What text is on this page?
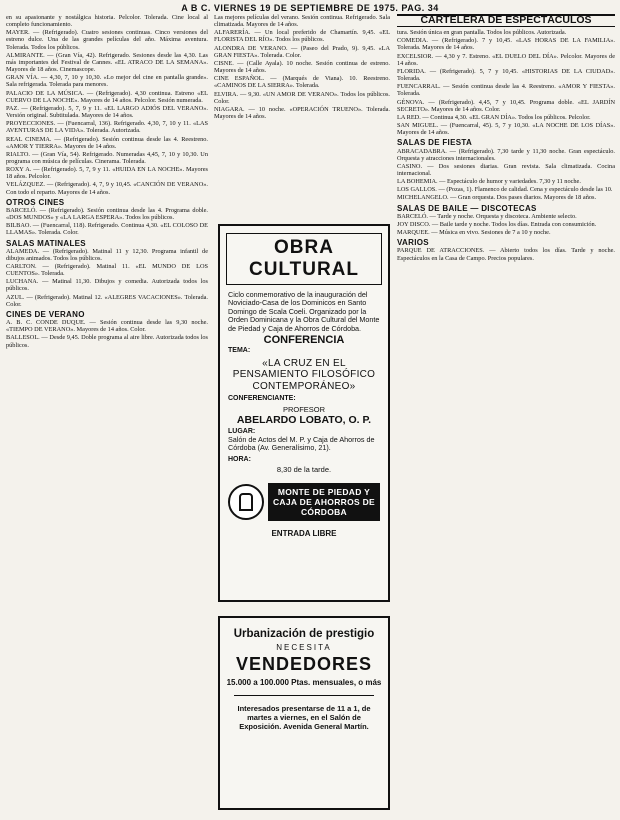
A B C. VIERNES 19 DE SEPTIEMBRE DE 1975. PAG. 34
en su apasionante y nostálgica historia. Pelcolor. Tolerada. Cine local al completo funcionamiento.
MAYER. — (Refrigerado). Cuatro sesiones continuas. Cinco versiones del estreno dulce. Una de las grandes películas del año. Máxima aventura. Tolerada. Todos los públicos.
ALMIRANTE. — (Gran Vía, 42). Refrigerado. Sesiones desde las 4,30. Las más importantes del Festival de Cannes. «EL ATRACO DE LA SEMANA». Mayores de 18 años. Cinemascope.
GRAN VÍA. — 4,30, 7, 10 y 10,30. «Lo mejor del cine en pantalla grande». Sala refrigerada. Tolerada para menores.
PALACIO DE LA MÚSICA. — (Refrigerado). 4,30 continua. Estreno «EL CUERVO DE LA NOCHE». Mayores de 14 años. Pelcolor. Sesión numerada.
PAZ. — (Refrigerado). 5, 7, 9 y 11. «EL LARGO ADIÓS DEL VERANO». Versión original. Subtitulada. Mayores de 14 años.
PROYECCIONES. — (Fuencarral, 136). Refrigerado. 4,30, 7, 10 y 11. «LAS AVENTURAS DE LA VIDA». Tolerada. Autorizada.
REAL CINEMA. — (Refrigerado). Sesión continua desde las 4. Reestreno. «AMOR Y TIERRA». Mayores de 14 años.
RIALTO. — (Gran Vía, 54). Refrigerado. Numeradas 4,45, 7, 10 y 10,30. Un programa con música de películas. Cinerama. Tolerada.
ROXY A. — (Refrigerado). 5, 7, 9 y 11. «HUIDA EN LA NOCHE». Mayores 18 años. Pelcolor.
VELÁZQUEZ. — (Refrigerado). 4, 7, 9 y 10,45. «CANCIÓN DE VERANO». Con todo el reparto. Mayores de 14 años.
OTROS CINES
BARCELÓ. — (Refrigerado). Sesión continua desde las 4. Programa doble. «DOS MUNDOS» y «LA LARGA ESPERA». Todos los públicos.
BILBAO. — (Fuencarral, 118). Refrigerado. Continua 4,30. «EL COLOSO DE LLAMAS». Tolerada. Color.
SALAS MATINALES
ALAMEDA. — (Refrigerado). Matinal 11 y 12,30. Programa infantil de dibujos animados. Todos los públicos.
CARLTON. — (Refrigerado). Matinal 11. «EL MUNDO DE LOS CUENTOS». Tolerada.
LUCHANA. — Matinal 11,30. Dibujos y comedia. Autorizada todos los públicos.
AZUL. — (Refrigerado). Matinal 12. «ALEGRES VACACIONES». Tolerada. Color.
CINES DE VERANO
A. B. C. CONDE DUQUE. — Sesión continua desde las 9,30 noche. «TIEMPO DE VERANO». Mayores de 14 años. Color.
BALLESOL. — Desde 9,45. Doble programa al aire libre. Autorizada todos los públicos.
Las mejores películas del verano. Sesión continua. Refrigerado. Sala climatizada. Mayores de 14 años.
ALFARERÍA. — Un local preferido de Chamartín. 9,45. «EL FLORISTA DEL RÍO». Todos los públicos.
ALONDRA DE VERANO. — (Paseo del Prado, 9). 9,45. «LA GRAN FIESTA». Tolerada. Color.
CISNE. — (Calle Ayala). 10 noche. Sesión continua de estreno. Mayores de 14 años.
CINE ESPAÑOL. — (Marqués de Viana). 10. Reestreno. «CAMINOS DE LA SIERRA». Tolerada.
ELVIRA. — 9,30. «UN AMOR DE VERANO». Todos los públicos. Color.
NIAGARA. — 10 noche. «OPERACIÓN TRUENO». Tolerada. Mayores de 14 años.
OBRA CULTURAL
Ciclo conmemorativo de la inauguración del Noviciado-Casa de los Dominicos en Santo Domingo de Scala Coeli. Organizado por la Orden Dominicana y la Obra Cultural del Monte de Piedad y Caja de Ahorros de Córdoba.
CONFERENCIA
TEMA:
«LA CRUZ EN EL PENSAMIENTO FILOSÓFICO CONTEMPORÁNEO»
CONFERENCIANTE:
PROFESOR
ABELARDO LOBATO, O. P.
LUGAR:
Salón de Actos del M. P. y Caja de Ahorros de Córdoba (Av. Generalísimo, 21).
HORA:
8,30 de la tarde.
MONTE DE PIEDAD Y CAJA DE AHORROS DE CÓRDOBA
ENTRADA LIBRE
Urbanización de prestigio
NECESITA
VENDEDORES
15.000 a 100.000 Ptas. mensuales, o más
Interesados presentarse de 11 a 1, de martes a viernes, en el Salón de Exposición. Avenida General Martín.
CARTELERA DE ESPECTÁCULOS
tura. Sesión única en gran pantalla. Todos los públicos. Autorizada.
COMEDIA. — (Refrigerado). 7 y 10,45. «LAS HORAS DE LA FAMILIA». Tolerada. Mayores de 14 años.
EXCELSIOR. — 4,30 y 7. Estreno. «EL DUELO DEL DÍA». Pelcolor. Mayores de 14 años.
FLORIDA. — (Refrigerado). 5, 7 y 10,45. «HISTORIAS DE LA CIUDAD». Tolerada.
FUENCARRAL. — Sesión continua desde las 4. Reestreno. «AMOR Y FIESTA». Tolerada.
GÉNOVA. — (Refrigerado). 4,45, 7 y 10,45. Programa doble. «EL JARDÍN SECRETO». Mayores de 14 años. Color.
LA RED. — Continua 4,30. «EL GRAN DÍA». Todos los públicos. Pelcolor.
SAN MIGUEL. — (Fuencarral, 45). 5, 7 y 10,30. «LA NOCHE DE LOS DÍAS». Mayores de 14 años.
SALAS DE FIESTA
ABRACADABRA. — (Refrigerado). 7,30 tarde y 11,30 noche. Gran espectáculo. Orquesta y atracciones internacionales.
CASINO. — Dos sesiones diarias. Gran revista. Sala climatizada. Cocina internacional.
LA BOHEMIA. — Espectáculo de humor y variedades. 7,30 y 11 noche.
LOS GALLOS. — (Pozas, 1). Flamenco de calidad. Cena y espectáculo desde las 10.
MICHELANGELO. — Gran orquesta. Dos pases diarios. Mayores de 18 años.
SALAS DE BAILE — DISCOTECAS
BARCELÓ. — Tarde y noche. Orquesta y discoteca. Ambiente selecto.
JOY DISCO. — Baile tarde y noche. Todos los días. Entrada con consumición.
MARQUEE. — Música en vivo. Sesiones de 7 a 10 y noche.
VARIOS
PARQUE DE ATRACCIONES. — Abierto todos los días. Tarde y noche. Espectáculos en la Casa de Campo. Precios populares.
